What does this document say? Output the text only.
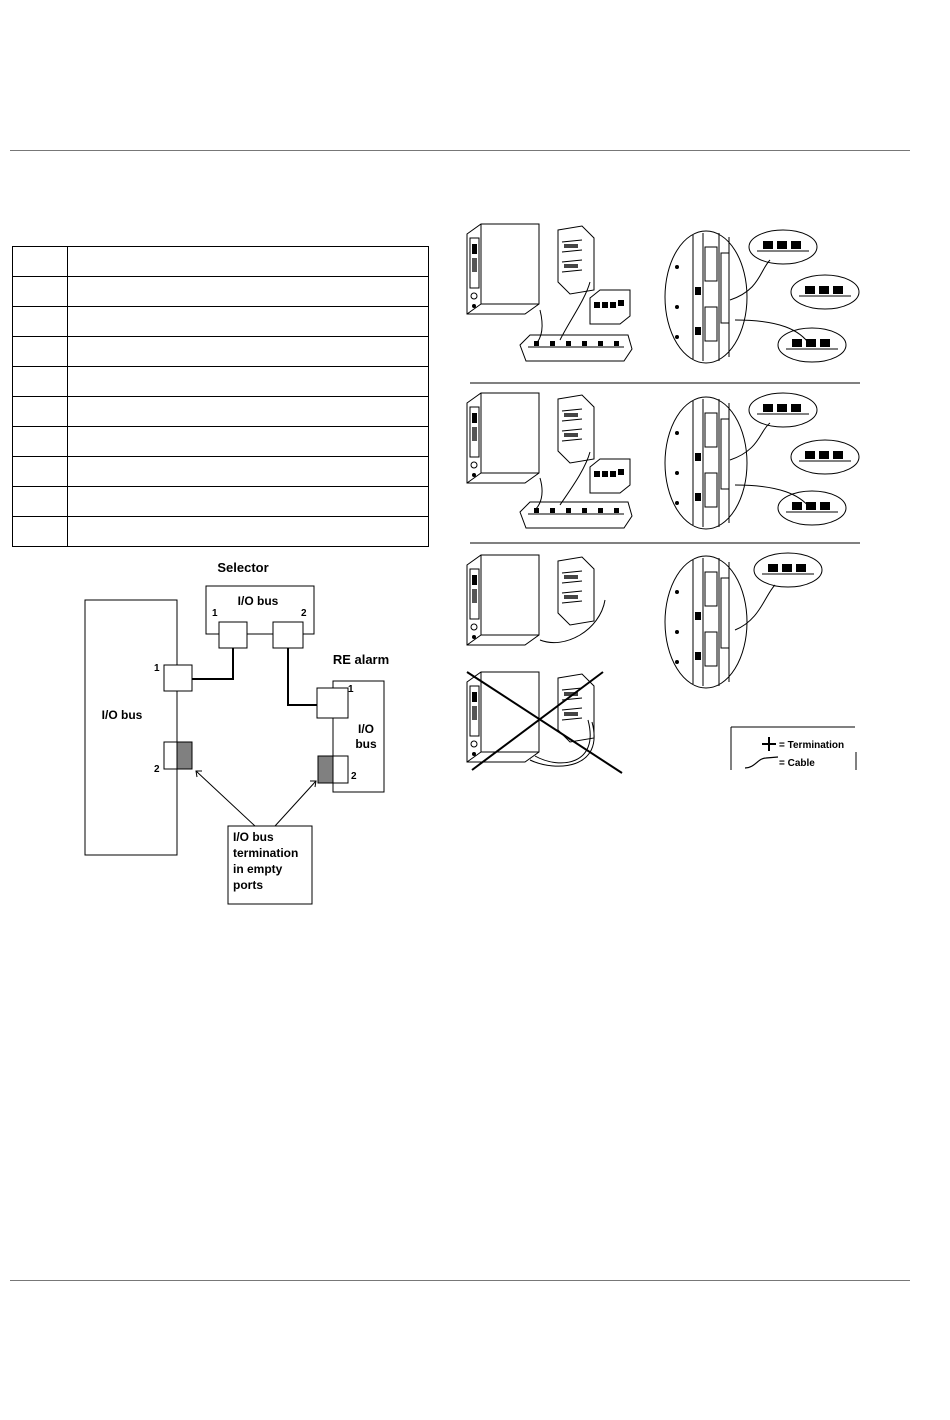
Selector
I/O bus
1	2
I/O bus
1
2
RE alarm
1
I/O
bus
2
I/O bus
termination
in empty
ports
= Termination
= Cable
